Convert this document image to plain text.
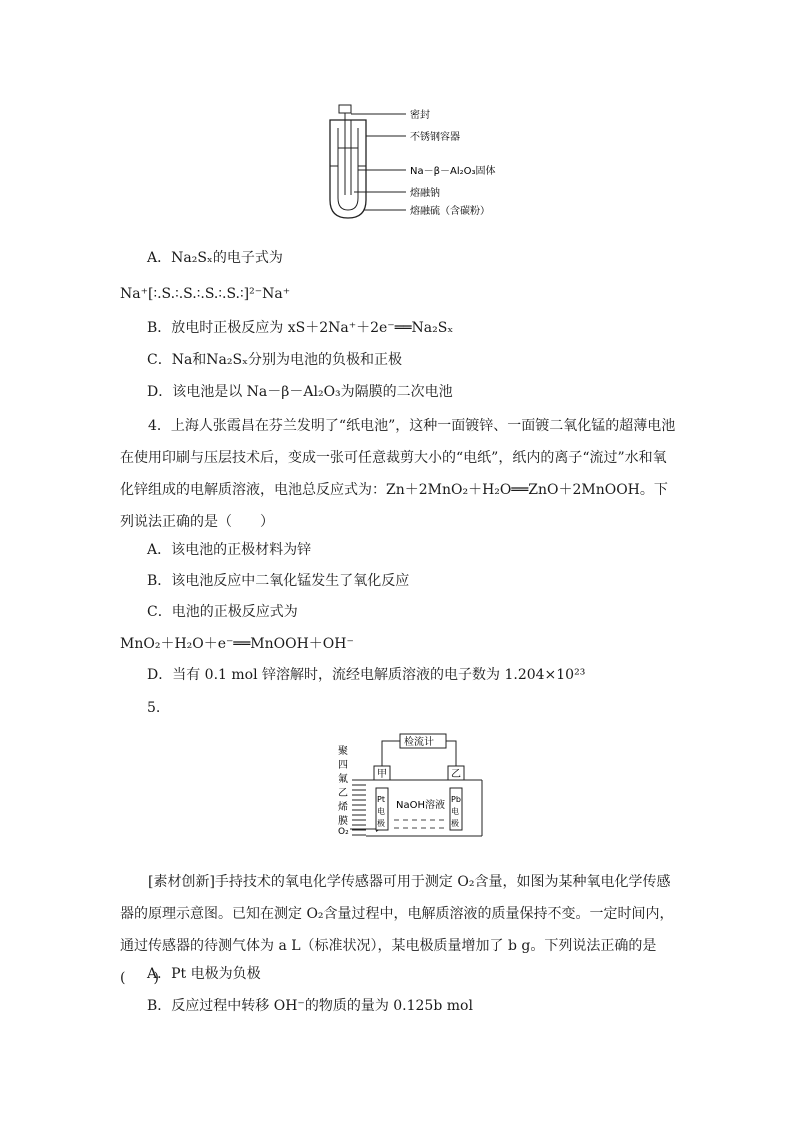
密封
不锈钢容器
Na－β－Al₂O₃固体
熔融钠
熔融硫（含碳粉）
A．Na₂Sₓ的电子式为
Na⁺[∶.S.∶.S.∶.S.∶.S.∶]²⁻Na⁺
B．放电时正极反应为 xS＋2Na⁺＋2e⁻══Na₂Sₓ
C．Na和Na₂Sₓ分别为电池的负极和正极
D．该电池是以 Na－β－Al₂O₃为隔膜的二次电池
4．上海人张霞昌在芬兰发明了“纸电池”，这种一面镀锌、一面镀二氧化锰的超薄电池在使用印刷与压层技术后，变成一张可任意裁剪大小的“电纸”，纸内的离子“流过”水和氧化锌组成的电解质溶液，电池总反应式为：Zn＋2MnO₂＋H₂O══ZnO＋2MnOOH。下列说法正确的是（　　）
A．该电池的正极材料为锌
B．该电池反应中二氧化锰发生了氧化反应
C．电池的正极反应式为
MnO₂＋H₂O＋e⁻══MnOOH＋OH⁻
D．当有 0.1 mol 锌溶解时，流经电解质溶液的电子数为 1.204×10²³
5.
检流计
聚
四
氟
乙
烯
膜
O₂
甲
Pt
电
极
乙
Pb
电
极
NaOH溶液
[素材创新]手持技术的氧电化学传感器可用于测定 O₂含量，如图为某种氧电化学传感器的原理示意图。已知在测定 O₂含量过程中，电解质溶液的质量保持不变。一定时间内，通过传感器的待测气体为 a L（标准状况），某电极质量增加了 b g。下列说法正确的是(　　)
A．Pt 电极为负极
B．反应过程中转移 OH⁻的物质的量为 0.125b mol
